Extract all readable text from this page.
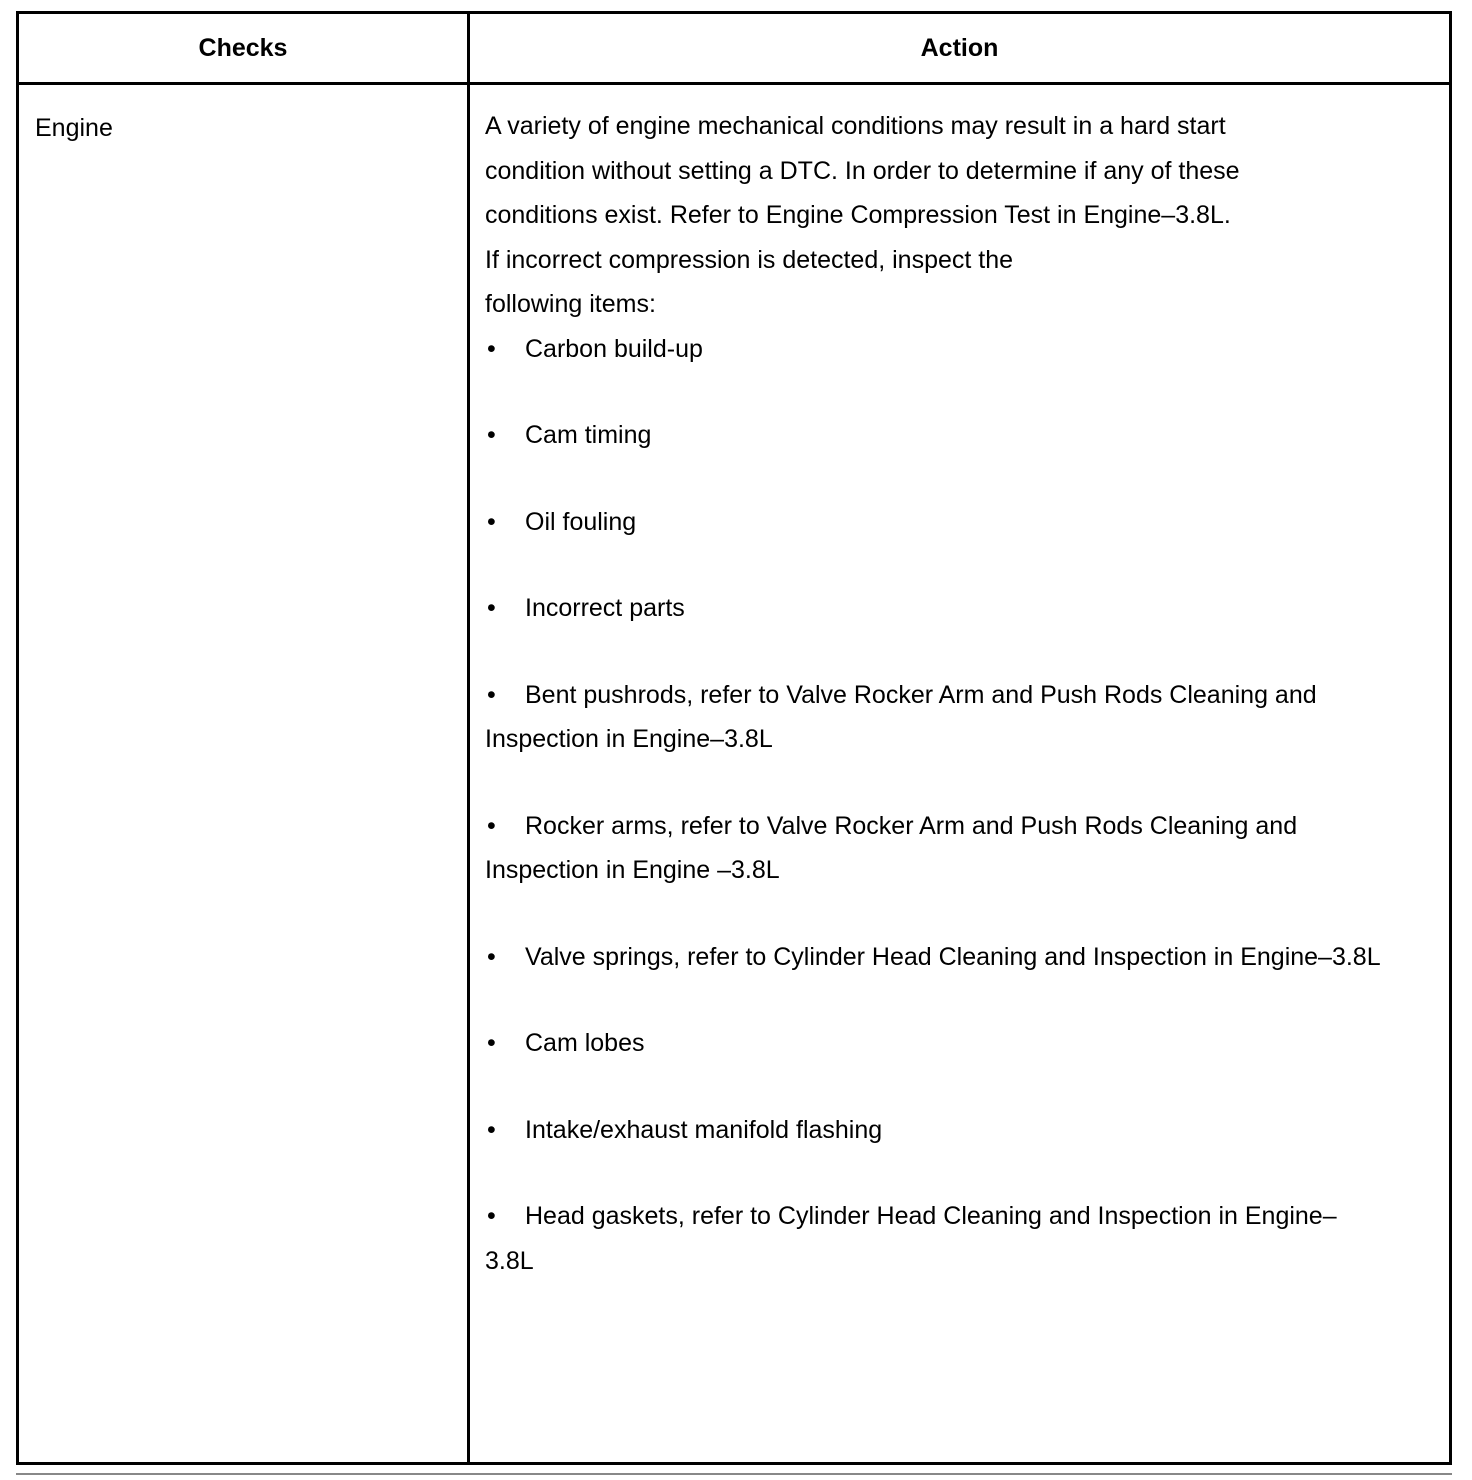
Checks	Action
Engine	A variety of engine mechanical conditions may result in a hard start

condition without setting a DTC. In order to determine if any of these

conditions exist. Refer to Engine Compression Test in Engine–3.8L.

If incorrect compression is detected, inspect the

following items:

• Carbon build-up
• Cam timing
• Oil fouling
• Incorrect parts
• Bent pushrods, refer to Valve Rocker Arm and Push Rods Cleaning and Inspection in Engine–3.8L
• Rocker arms, refer to Valve Rocker Arm and Push Rods Cleaning and Inspection in Engine –3.8L
• Valve springs, refer to Cylinder Head Cleaning and Inspection in Engine–3.8L
• Cam lobes
• Intake/exhaust manifold flashing
• Head gaskets, refer to Cylinder Head Cleaning and Inspection in Engine–3.8L
